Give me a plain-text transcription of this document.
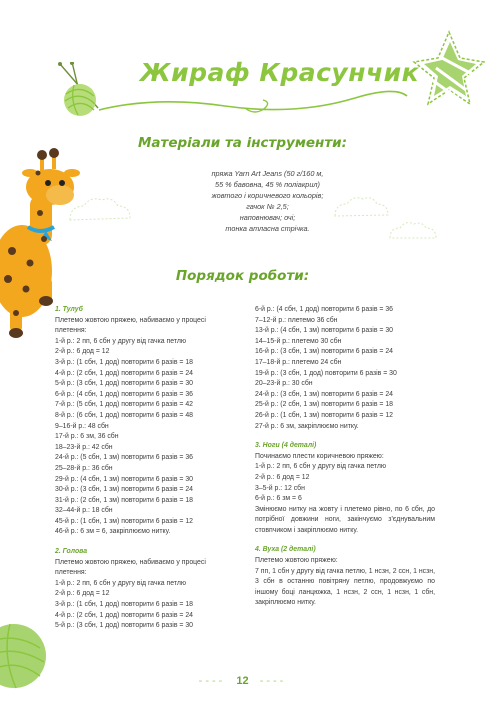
Жираф Красунчик
Матеріали та інструменти:
пряжа Yarn Art Jeans (50 г/160 м,
55 % бавовна, 45 % поліакрил)
жовтого і коричневого кольорів;
гачок № 2,5;
наповнювач; очі;
тонка атласна стрічка.
Порядок роботи:
1. Тулуб
Плетемо жовтою пряжею, набиваємо у процесі плетення:
1-й р.: 2 пп, 6 сбн у другу від гачка петлю
2-й р.: 6 дод = 12
3-й р.: (1 сбн, 1 дод) повторити 6 разів = 18
4-й р.: (2 сбн, 1 дод) повторити 6 разів = 24
5-й р.: (3 сбн, 1 дод) повторити 6 разів = 30
6-й р.: (4 сбн, 1 дод) повторити 6 разів = 36
7-й р.: (5 сбн, 1 дод) повторити 6 разів = 42
8-й р.: (6 сбн, 1 дод) повторити 6 разів = 48
9–16-й р.: 48 сбн
17-й р.: 6 зм, 36 сбн
18–23-й р.: 42 сбн
24-й р.: (5 сбн, 1 зм) повторити 6 разів = 36
25–28-й р.: 36 сбн
29-й р.: (4 сбн, 1 зм) повторити 6 разів = 30
30-й р.: (3 сбн, 1 зм) повторити 6 разів = 24
31-й р.: (2 сбн, 1 зм) повторити 6 разів = 18
32–44-й р.: 18 сбн
45-й р.: (1 сбн, 1 зм) повторити 6 разів = 12
46-й р.: 6 зм = 6, закріплюємо нитку.
2. Голова
Плетемо жовтою пряжею, набиваємо у процесі плетення:
1-й р.: 2 пп, 6 сбн у другу від гачка петлю
2-й р.: 6 дод = 12
3-й р.: (1 сбн, 1 дод) повторити 6 разів = 18
4-й р.: (2 сбн, 1 дод) повторити 6 разів = 24
5-й р.: (3 сбн, 1 дод) повторити 6 разів = 30
6-й р.: (4 сбн, 1 дод) повторити 6 разів = 36
7–12-й р.: плетемо 36 сбн
13-й р.: (4 сбн, 1 зм) повторити 6 разів = 30
14–15-й р.: плетемо 30 сбн
16-й р.: (3 сбн, 1 зм) повторити 6 разів = 24
17–18-й р.: плетемо 24 сбн
19-й р.: (3 сбн, 1 дод) повторити 6 разів = 30
20–23-й р.: 30 сбн
24-й р.: (3 сбн, 1 зм) повторити 6 разів = 24
25-й р.: (2 сбн, 1 зм) повторити 6 разів = 18
26-й р.: (1 сбн, 1 зм) повторити 6 разів = 12
27-й р.: 6 зм, закріплюємо нитку.
3. Ноги (4 деталі)
Починаємо плести коричневою пряжею:
1-й р.: 2 пп, 6 сбн у другу від гачка петлю
2-й р.: 6 дод = 12
3–5-й р.: 12 сбн
6-й р.: 6 зм = 6
Змінюємо нитку на жовту і плетемо рівно, по 6 сбн, до потрібної довжини ноги, закінчуємо з'єднувальним стовпчиком і закріплюємо нитку.
4. Вуха (2 деталі)
Плетемо жовтою пряжею:
7 пп, 1 сбн у другу від гачка петлю, 1 нсзн, 2 ссн, 1 нсзн, 3 сбн в останню повітряну петлю, продовжуємо по іншому боці ланцюжка, 1 нсзн, 2 ссн, 1 нсзн, 1 сбн, закріплюємо нитку.
---- 12 ----
